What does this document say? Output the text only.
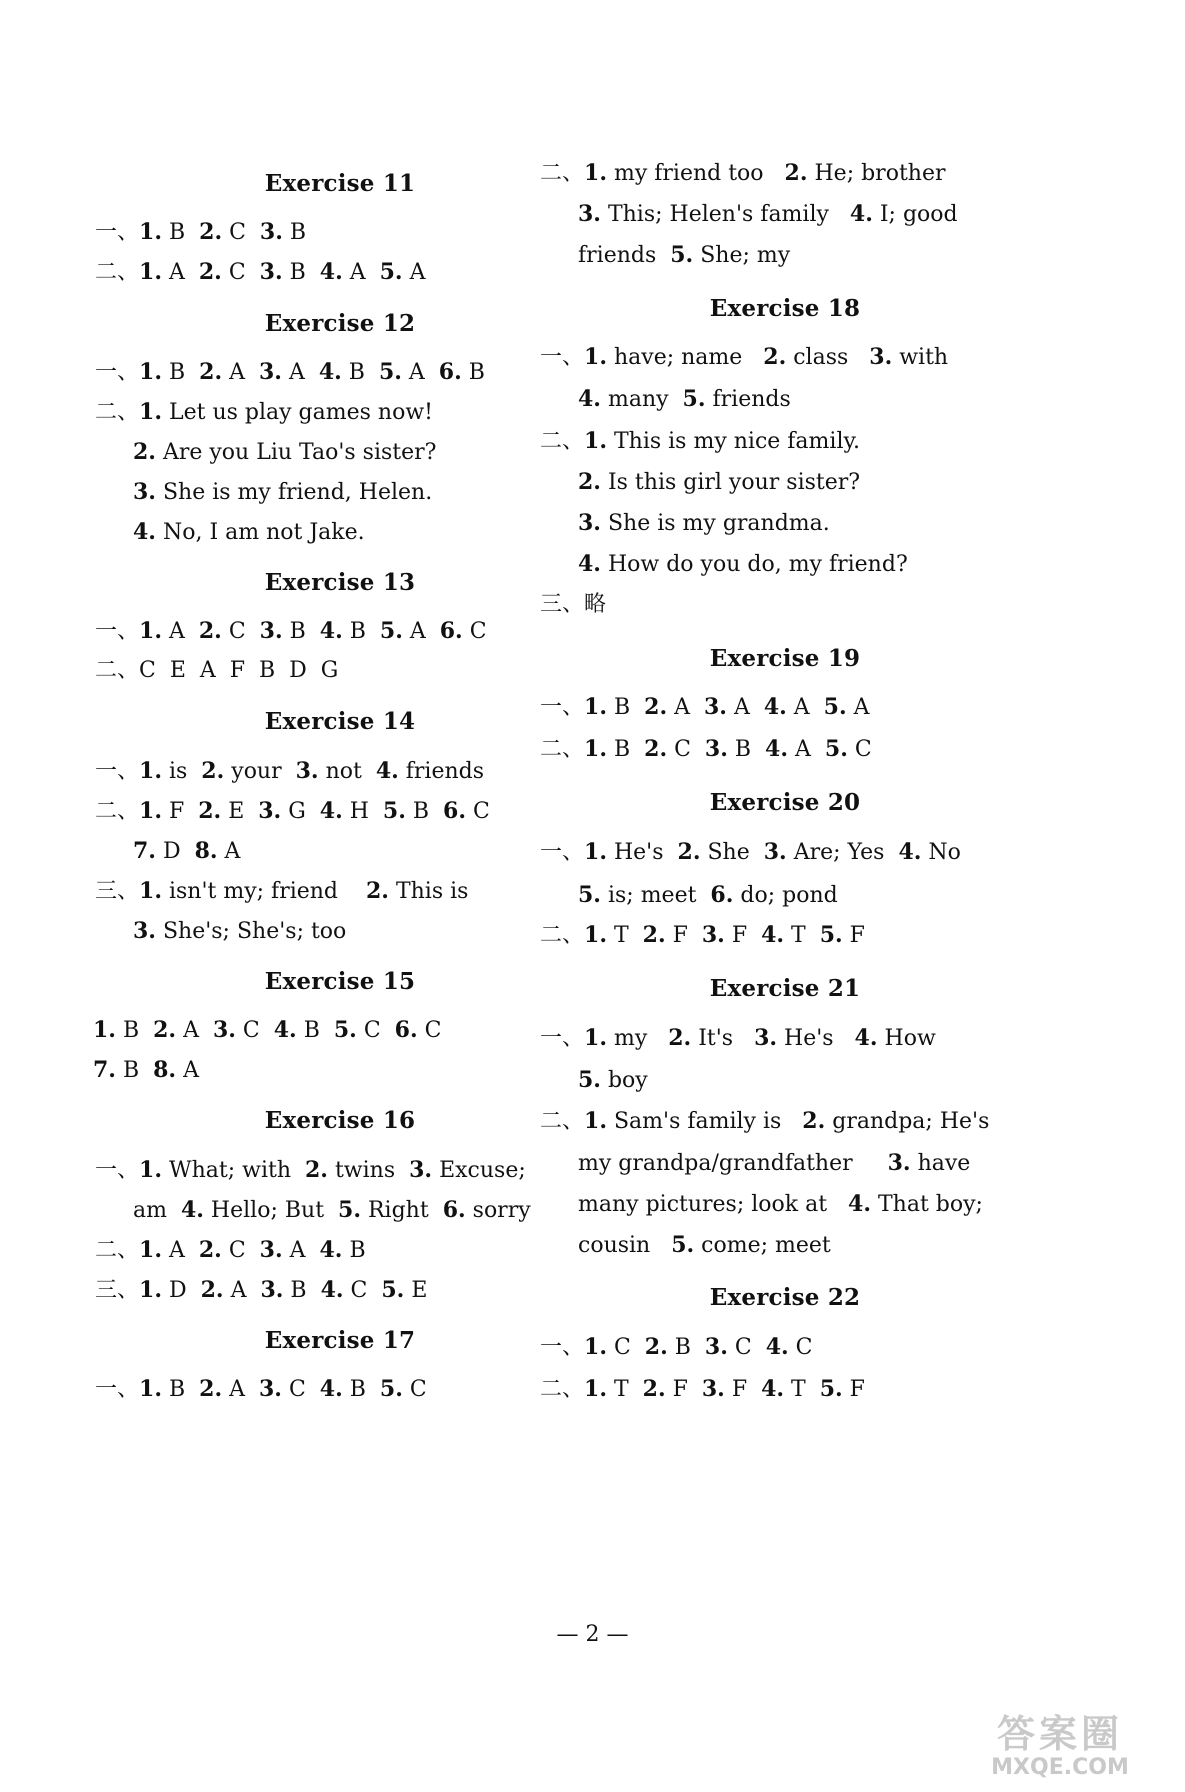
Exercise 11
一、1. B  2. C  3. B
二、1. A  2. C  3. B  4. A  5. A
Exercise 12
一、1. B  2. A  3. A  4. B  5. A  6. B
二、1. Let us play games now!
2. Are you Liu Tao's sister?
3. She is my friend, Helen.
4. No, I am not Jake.
Exercise 13
一、1. A  2. C  3. B  4. B  5. A  6. C
二、C  E  A  F  B  D  G
Exercise 14
一、1. is  2. your  3. not  4. friends
二、1. F  2. E  3. G  4. H  5. B  6. C
7. D  8. A
三、1. isn't my; friend    2. This is
3. She's; She's; too
Exercise 15
1. B  2. A  3. C  4. B  5. C  6. C
7. B  8. A
Exercise 16
一、1. What; with  2. twins  3. Excuse;
am  4. Hello; But  5. Right  6. sorry
二、1. A  2. C  3. A  4. B
三、1. D  2. A  3. B  4. C  5. E
Exercise 17
一、1. B  2. A  3. C  4. B  5. C
二、1. my friend too   2. He; brother
3. This; Helen's family   4. I; good
friends  5. She; my
Exercise 18
一、1. have; name   2. class   3. with
4. many  5. friends
二、1. This is my nice family.
2. Is this girl your sister?
3. She is my grandma.
4. How do you do, my friend?
三、略
Exercise 19
一、1. B  2. A  3. A  4. A  5. A
二、1. B  2. C  3. B  4. A  5. C
Exercise 20
一、1. He's  2. She  3. Are; Yes  4. No
5. is; meet  6. do; pond
二、1. T  2. F  3. F  4. T  5. F
Exercise 21
一、1. my   2. It's   3. He's   4. How
5. boy
二、1. Sam's family is   2. grandpa; He's
my grandpa/grandfather     3. have
many pictures; look at   4. That boy;
cousin   5. come; meet
Exercise 22
一、1. C  2. B  3. C  4. C
二、1. T  2. F  3. F  4. T  5. F
— 2 —
答案圈
MXQE.COM
